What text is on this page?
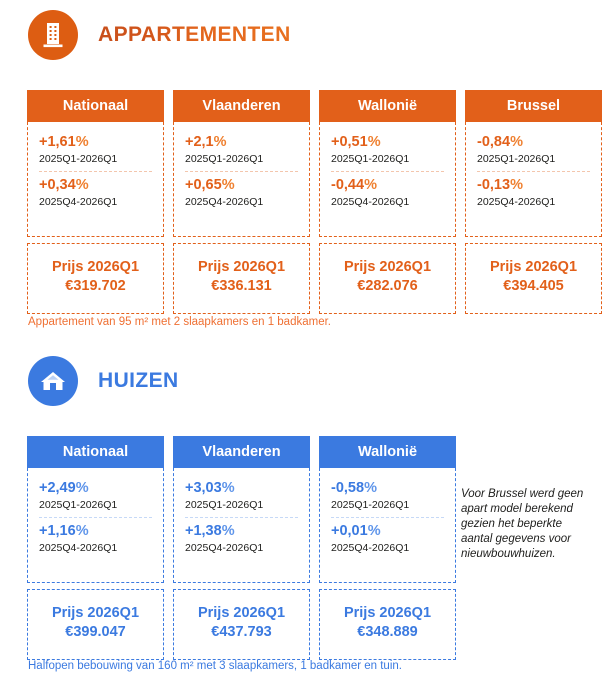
APPARTEMENTEN
Nationaal
+1,61%
2025Q1-2026Q1
+0,34%
2025Q4-2026Q1
Prijs 2026Q1
€319.702
Vlaanderen
+2,1%
2025Q1-2026Q1
+0,65%
2025Q4-2026Q1
Prijs 2026Q1
€336.131
Wallonië
+0,51%
2025Q1-2026Q1
-0,44%
2025Q4-2026Q1
Prijs 2026Q1
€282.076
Brussel
-0,84%
2025Q1-2026Q1
-0,13%
2025Q4-2026Q1
Prijs 2026Q1
€394.405
Appartement van 95 m² met 2 slaapkamers en 1 badkamer.
HUIZEN
Nationaal
+2,49%
2025Q1-2026Q1
+1,16%
2025Q4-2026Q1
Prijs 2026Q1
€399.047
Vlaanderen
+3,03%
2025Q1-2026Q1
+1,38%
2025Q4-2026Q1
Prijs 2026Q1
€437.793
Wallonië
-0,58%
2025Q1-2026Q1
+0,01%
2025Q4-2026Q1
Prijs 2026Q1
€348.889
Voor Brussel werd geen apart model berekend gezien het beperkte aantal gegevens voor nieuwbouwhuizen.
Halfopen bebouwing van 160 m² met 3 slaapkamers, 1 badkamer en tuin.
